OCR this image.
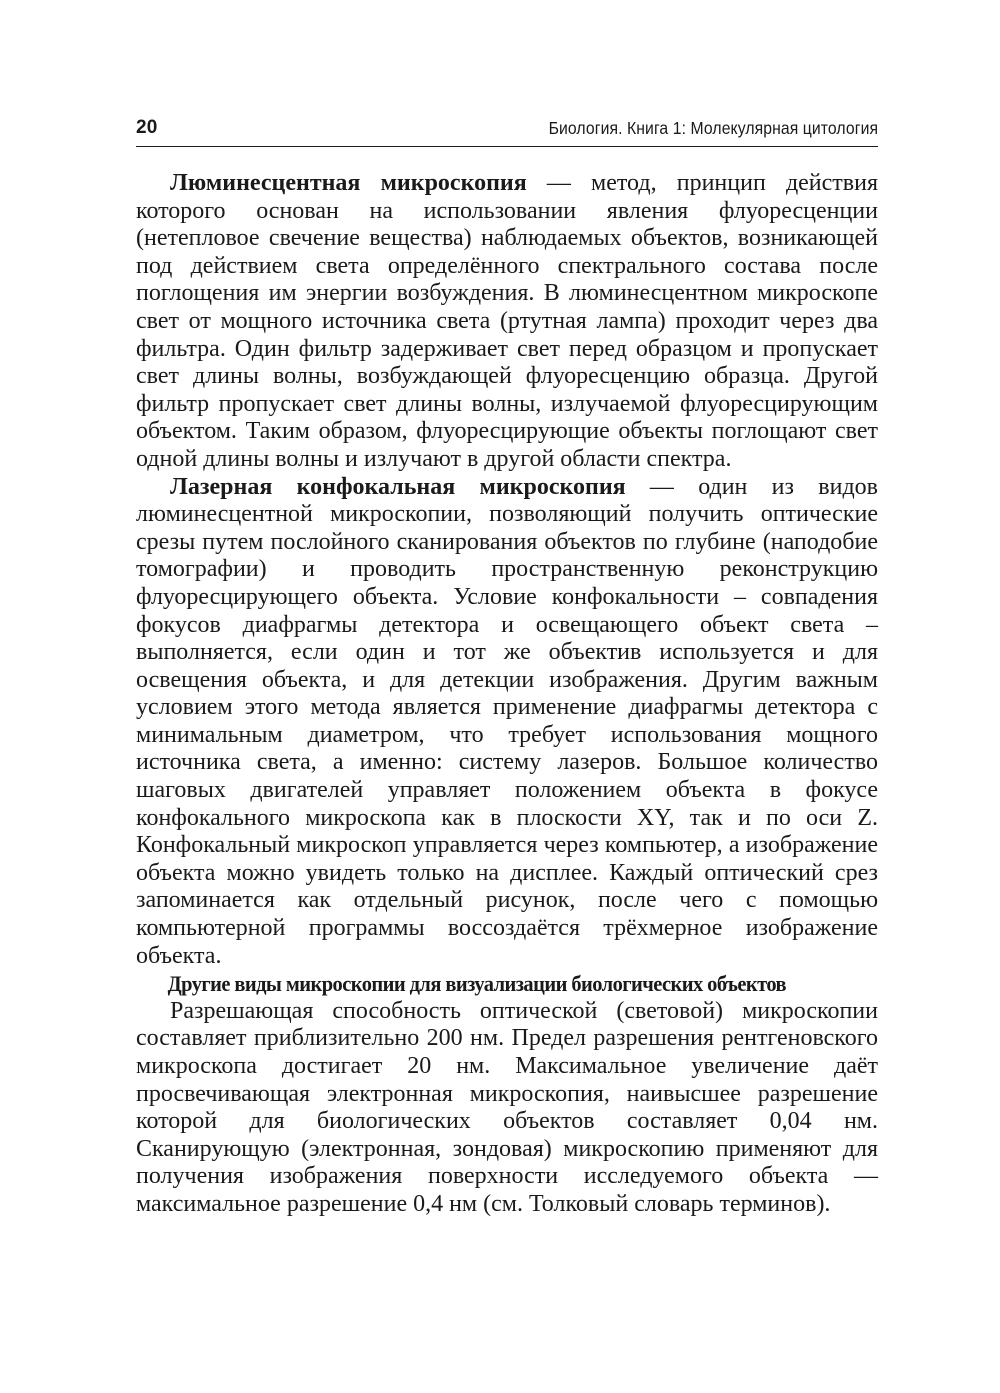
20	Биология. Книга 1: Молекулярная цитология

Люминесцентная микроскопия — метод, принцип действия которого основан на использовании явления флуоресценции (нетепловое свечение вещества) наблюдаемых объектов, возникающей под действием света определённого спектрального состава после поглощения им энергии возбуждения. В люминесцентном микроскопе свет от мощного источника света (ртутная лампа) проходит через два фильтра. Один фильтр задерживает свет перед образцом и пропускает свет длины волны, возбуждающей флуоресценцию образца. Другой фильтр пропускает свет длины волны, излучаемой флуоресцирующим объектом. Таким образом, флуоресцирующие объекты поглощают свет одной длины волны и излучают в другой области спектра.

Лазерная конфокальная микроскопия — один из видов люминесцентной микроскопии, позволяющий получить оптические срезы путем послойного сканирования объектов по глубине (наподобие томографии) и проводить пространственную реконструкцию флуоресцирующего объекта. Условие конфокальности – совпадения фокусов диафрагмы детектора и освещающего объект света – выполняется, если один и тот же объектив используется и для освещения объекта, и для детекции изображения. Другим важным условием этого метода является применение диафрагмы детектора с минимальным диаметром, что требует использования мощного источника света, а именно: систему лазеров. Большое количество шаговых двигателей управляет положением объекта в фокусе конфокального микроскопа как в плоскости XY, так и по оси Z. Конфокальный микроскоп управляется через компьютер, а изображение объекта можно увидеть только на дисплее. Каждый оптический срез запоминается как отдельный рисунок, после чего с помощью компьютерной программы воссоздаётся трёхмерное изображение объекта.

Другие виды микроскопии для визуализации биологических объектов

Разрешающая способность оптической (световой) микроскопии составляет приблизительно 200 нм. Предел разрешения рентгеновского микроскопа достигает 20 нм. Максимальное увеличение даёт просвечивающая электронная микроскопия, наивысшее разрешение которой для биологических объектов составляет 0,04 нм. Сканирующую (электронная, зондовая) микроскопию применяют для получения изображения поверхности исследуемого объекта — максимальное разрешение 0,4 нм (см. Толковый словарь терминов).
